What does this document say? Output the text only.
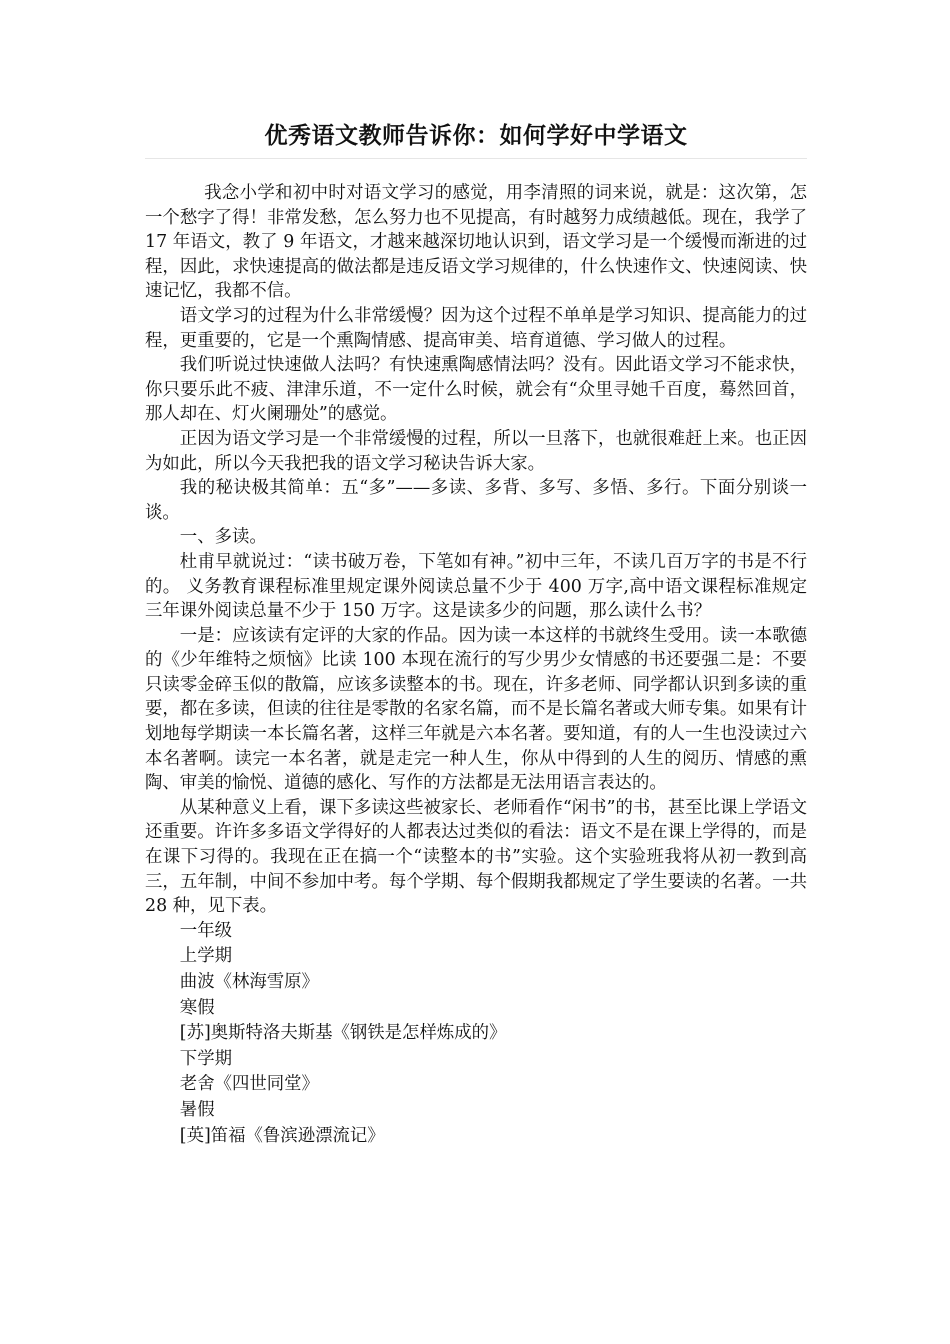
优秀语文教师告诉你：如何学好中学语文

我念小学和初中时对语文学习的感觉，用李清照的词来说，就是：这次第，怎一个愁字了得！非常发愁，怎么努力也不见提高，有时越努力成绩越低。现在，我学了 17 年语文，教了 9 年语文，才越来越深切地认识到，语文学习是一个缓慢而渐进的过程，因此，求快速提高的做法都是违反语文学习规律的，什么快速作文、快速阅读、快速记忆，我都不信。

语文学习的过程为什么非常缓慢？因为这个过程不单单是学习知识、提高能力的过程，更重要的，它是一个熏陶情感、提高审美、培育道德、学习做人的过程。

我们听说过快速做人法吗？有快速熏陶感情法吗？没有。因此语文学习不能求快，你只要乐此不疲、津津乐道，不一定什么时候，就会有“众里寻她千百度，蓦然回首，那人却在、灯火阑珊处”的感觉。

正因为语文学习是一个非常缓慢的过程，所以一旦落下，也就很难赶上来。也正因为如此，所以今天我把我的语文学习秘诀告诉大家。

我的秘诀极其简单：五“多”——多读、多背、多写、多悟、多行。下面分别谈一谈。

一、多读。

杜甫早就说过：“读书破万卷，下笔如有神。”初中三年，不读几百万字的书是不行的。 义务教育课程标准里规定课外阅读总量不少于 400 万字,高中语文课程标准规定三年课外阅读总量不少于 150 万字。这是读多少的问题，那么读什么书？

一是：应该读有定评的大家的作品。因为读一本这样的书就终生受用。读一本歌德的《少年维特之烦恼》比读 100 本现在流行的写少男少女情感的书还要强二是：不要只读零金碎玉似的散篇，应该多读整本的书。现在，许多老师、同学都认识到多读的重要，都在多读，但读的往往是零散的名家名篇，而不是长篇名著或大师专集。如果有计划地每学期读一本长篇名著，这样三年就是六本名著。要知道，有的人一生也没读过六本名著啊。读完一本名著，就是走完一种人生，你从中得到的人生的阅历、情感的熏陶、审美的愉悦、道德的感化、写作的方法都是无法用语言表达的。

从某种意义上看，课下多读这些被家长、老师看作“闲书”的书，甚至比课上学语文还重要。许许多多语文学得好的人都表达过类似的看法：语文不是在课上学得的，而是在课下习得的。我现在正在搞一个“读整本的书”实验。这个实验班我将从初一教到高三，五年制，中间不参加中考。每个学期、每个假期我都规定了学生要读的名著。一共 28 种，见下表。

一年级
上学期
曲波《林海雪原》
寒假
[苏]奥斯特洛夫斯基《钢铁是怎样炼成的》
下学期
老舍《四世同堂》
暑假
[英]笛福《鲁滨逊漂流记》
